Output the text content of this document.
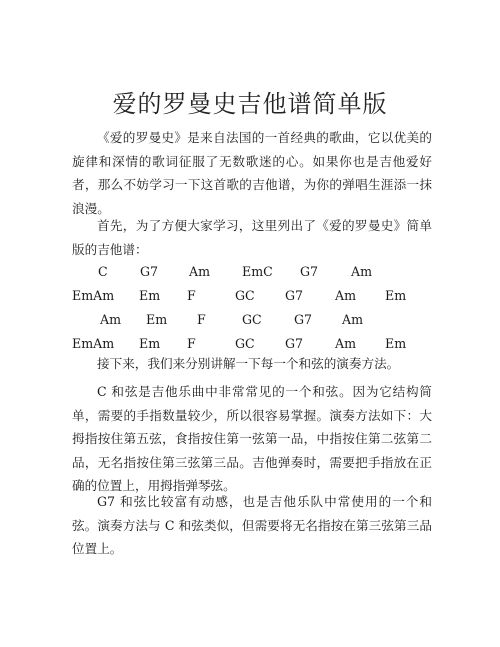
爱的罗曼史吉他谱简单版
《爱的罗曼史》是来自法国的一首经典的歌曲，它以优美的旋律和深情的歌词征服了无数歌迷的心。如果你也是吉他爱好者，那么不妨学习一下这首歌的吉他谱，为你的弹唱生涯添一抹浪漫。
首先，为了方便大家学习，这里列出了《爱的罗曼史》简单版的吉他谱：
C	G7 Am	EmC G7	Am
EmAm Em F	GC G7	Am Em
Am Em F	GC	G7 Am
EmAm Em F	GC G7	Am Em
接下来，我们来分别讲解一下每一个和弦的演奏方法。
C 和弦是吉他乐曲中非常常见的一个和弦。因为它结构简单，需要的手指数量较少，所以很容易掌握。演奏方法如下：大拇指按住第五弦，食指按住第一弦第一品，中指按住第二弦第二品，无名指按住第三弦第三品。吉他弹奏时，需要把手指放在正确的位置上，用拇指弹琴弦。
G7 和弦比较富有动感，也是吉他乐队中常使用的一个和弦。演奏方法与 C 和弦类似，但需要将无名指按在第三弦第三品位置上。
